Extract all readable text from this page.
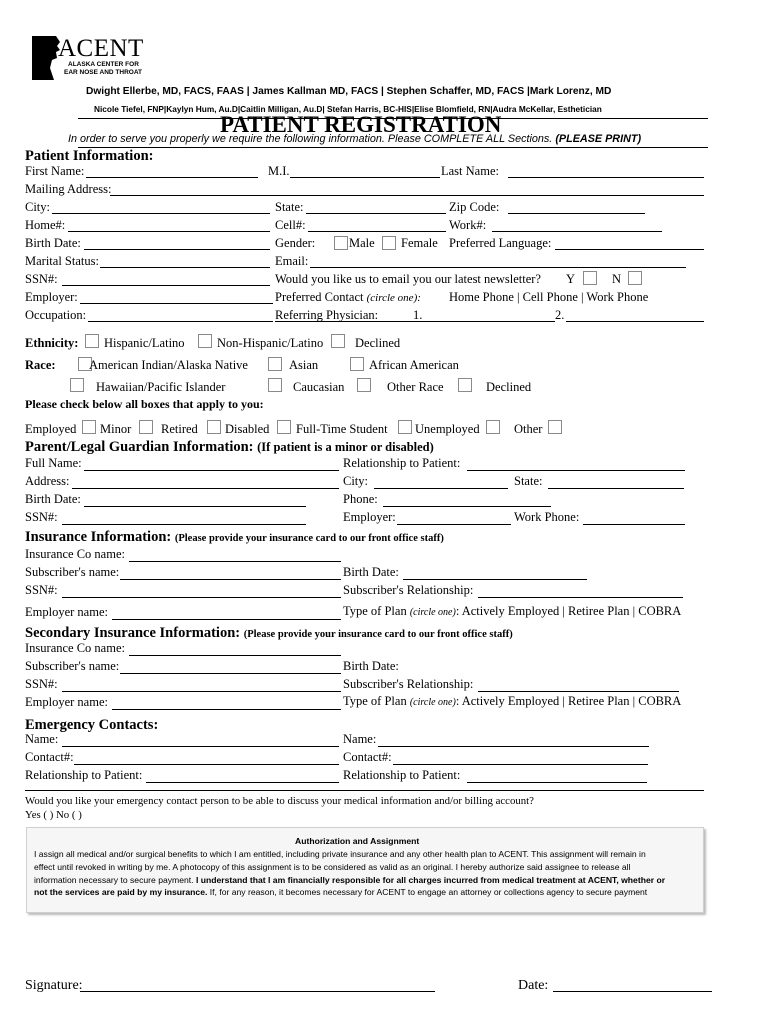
ACENT
ALASKA CENTER FOR
EAR NOSE AND THROAT
Dwight Ellerbe, MD, FACS, FAAS | James Kallman MD, FACS | Stephen Schaffer, MD, FACS |Mark Lorenz, MD
Nicole Tiefel, FNP|Kaylyn Hum, Au.D|Caitlin Milligan, Au.D| Stefan Harris, BC-HIS|Elise Blomfield, RN|Audra McKellar, Esthetician
PATIENT REGISTRATION
In order to serve you properly we require the following information. Please COMPLETE ALL Sections. (PLEASE PRINT)
Patient Information:
First Name:	M.I.	Last Name:
Mailing Address:
City:	State:	Zip Code:
Home#:	Cell#:	Work#:
Birth Date:	Gender:	Male Female Preferred Language:
Marital Status:	Email:
SSN#:	Would you like us to email you our latest newsletter? Y	N
Employer:	Preferred Contact (circle one): Home Phone | Cell Phone | Work Phone
Occupation:	Referring Physician:	1.	2.
Ethnicity: Hispanic/Latino	Non-Hispanic/Latino	Declined
Race:	American Indian/Alaska Native	Asian	African American
Hawaiian/Pacific Islander	Caucasian	Other Race	Declined
Please check below all boxes that apply to you:
Employed Minor Retired Disabled Full-Time Student Unemployed	Other
Parent/Legal Guardian Information: (If patient is a minor or disabled)
Full Name:	Relationship to Patient:
Address:	City:	State:
Birth Date:	Phone:
SSN#:	Employer:	Work Phone:
Insurance Information: (Please provide your insurance card to our front office staff)
Insurance Co name:
Subscriber's name:	Birth Date:
SSN#:	Subscriber's Relationship:
Employer name:	Type of Plan (circle one): Actively Employed | Retiree Plan | COBRA
Secondary Insurance Information: (Please provide your insurance card to our front office staff)
Insurance Co name:
Subscriber's name:	Birth Date:
SSN#:	Subscriber's Relationship:
Employer name:	Type of Plan (circle one): Actively Employed | Retiree Plan | COBRA
Emergency Contacts:
Name:	Name:
Contact#:	Contact#:
Relationship to Patient:	Relationship to Patient:
Would you like your emergency contact person to be able to discuss your medical information and/or billing account?
Yes ( ) No ( )
Authorization and Assignment
I assign all medical and/or surgical benefits to which I am entitled, including private insurance and any other health plan to ACENT. This assignment will remain in
effect until revoked in writing by me. A photocopy of this assignment is to be considered as valid as an original. I hereby authorize said assignee to release all
information necessary to secure payment. I understand that I am financially responsible for all charges incurred from medical treatment at ACENT, whether or
not the services are paid by my insurance. If, for any reason, it becomes necessary for ACENT to engage an attorney or collections agency to secure payment
Signature:	Date:
